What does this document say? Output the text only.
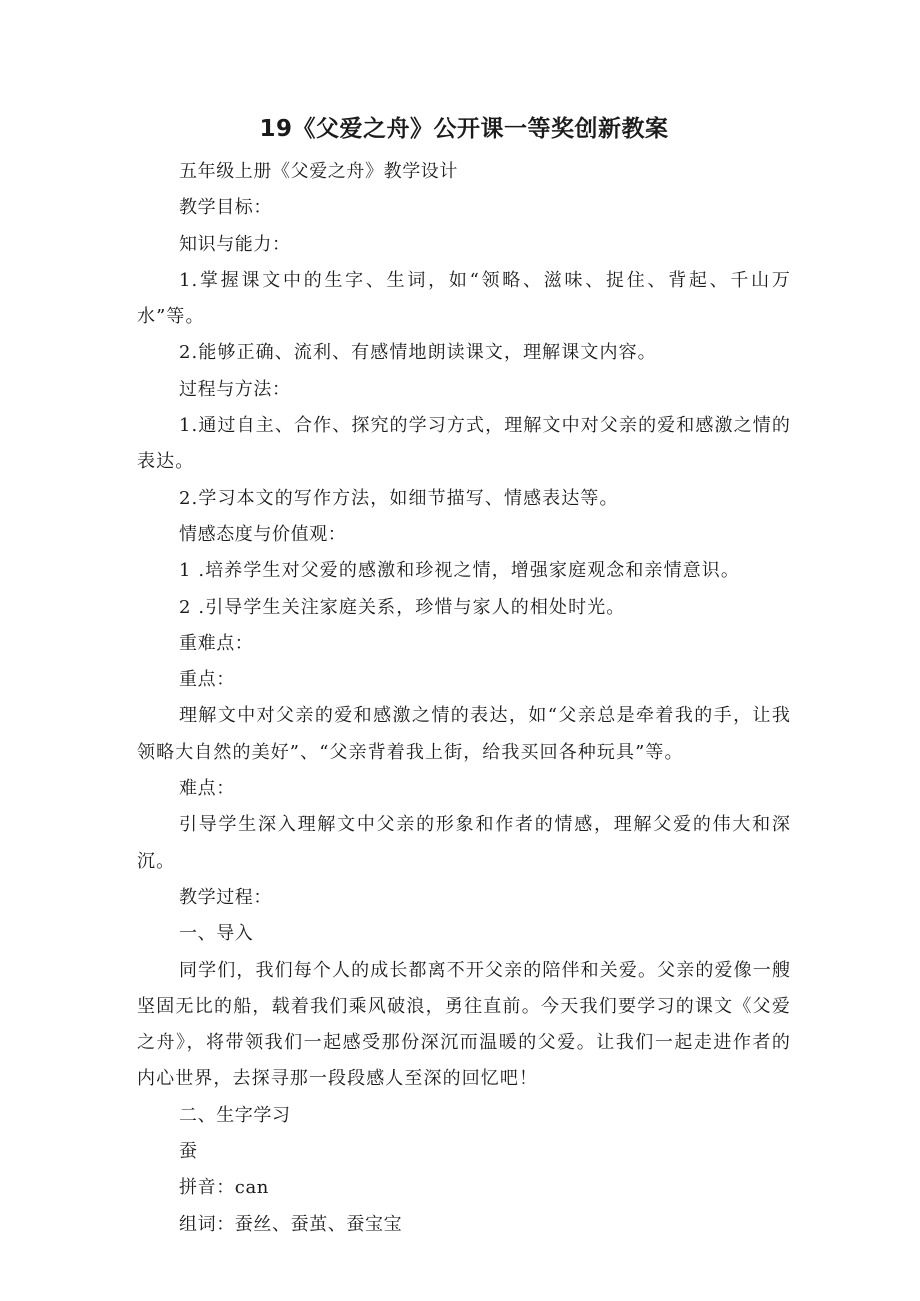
19《父爱之舟》公开课一等奖创新教案

五年级上册《父爱之舟》教学设计

教学目标：

知识与能力：

1.掌握课文中的生字、生词，如“领略、滋味、捉住、背起、千山万水”等。

2.能够正确、流利、有感情地朗读课文，理解课文内容。

过程与方法：

1.通过自主、合作、探究的学习方式，理解文中对父亲的爱和感激之情的表达。

2.学习本文的写作方法，如细节描写、情感表达等。

情感态度与价值观：

1 .培养学生对父爱的感激和珍视之情，增强家庭观念和亲情意识。

2 .引导学生关注家庭关系，珍惜与家人的相处时光。

重难点：

重点：

理解文中对父亲的爱和感激之情的表达，如“父亲总是牵着我的手，让我领略大自然的美好”、“父亲背着我上街，给我买回各种玩具”等。

难点：

引导学生深入理解文中父亲的形象和作者的情感，理解父爱的伟大和深沉。

教学过程：

一、导入

同学们，我们每个人的成长都离不开父亲的陪伴和关爱。父亲的爱像一艘坚固无比的船，载着我们乘风破浪，勇往直前。今天我们要学习的课文《父爱之舟》，将带领我们一起感受那份深沉而温暖的父爱。让我们一起走进作者的内心世界，去探寻那一段段感人至深的回忆吧！

二、生字学习

蚕

拼音：can

组词：蚕丝、蚕茧、蚕宝宝
